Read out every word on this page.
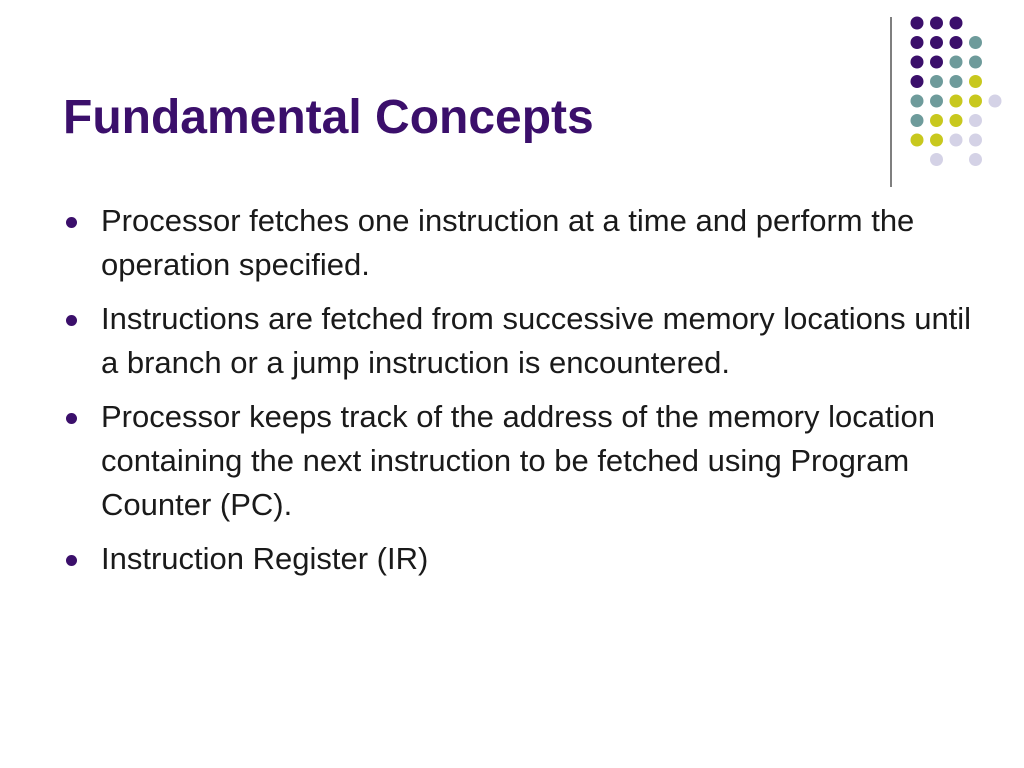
Fundamental Concepts
Processor fetches one instruction at a time and perform the operation specified.
Instructions are fetched from successive memory locations until a branch or a jump instruction is encountered.
Processor keeps track of the address of the memory location containing the next instruction to be fetched using Program Counter (PC).
Instruction Register (IR)
